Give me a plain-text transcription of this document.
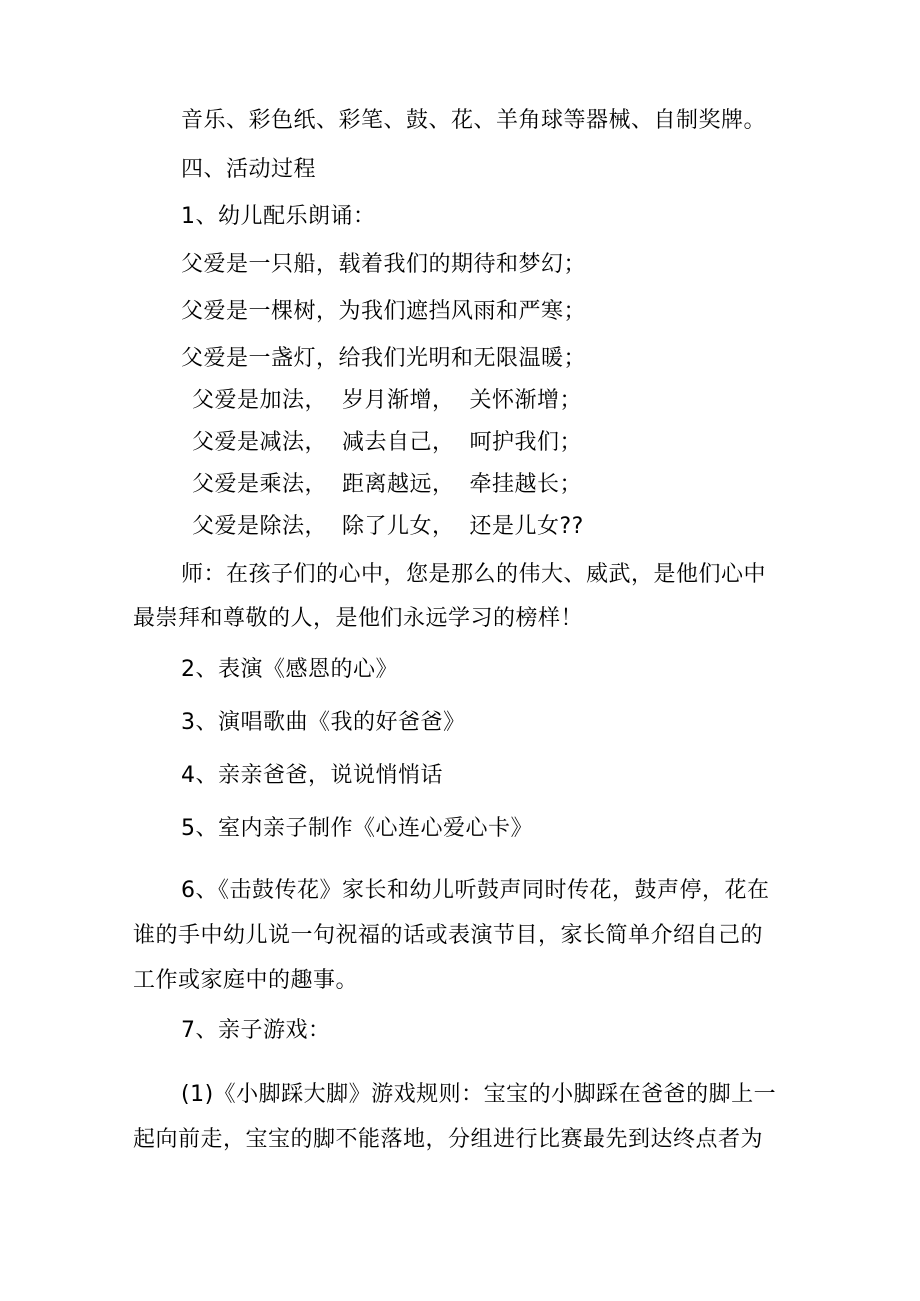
音乐、彩色纸、彩笔、鼓、花、羊角球等器械、自制奖牌。
四、活动过程
1、幼儿配乐朗诵：
父爱是一只船，载着我们的期待和梦幻；
父爱是一棵树，为我们遮挡风雨和严寒；
父爱是一盏灯，给我们光明和无限温暖；
父爱是加法，  岁月渐增，  关怀渐增；
父爱是减法，  减去自己，  呵护我们；
父爱是乘法，  距离越远，  牵挂越长；
父爱是除法，  除了儿女，  还是儿女??
师：在孩子们的心中，您是那么的伟大、威武，是他们心中
最崇拜和尊敬的人，是他们永远学习的榜样！
2、表演《感恩的心》
3、演唱歌曲《我的好爸爸》
4、亲亲爸爸，说说悄悄话
5、室内亲子制作《心连心爱心卡》
6、《击鼓传花》家长和幼儿听鼓声同时传花，鼓声停，花在
谁的手中幼儿说一句祝福的话或表演节目，家长简单介绍自己的
工作或家庭中的趣事。
7、亲子游戏：
(1)《小脚踩大脚》游戏规则：宝宝的小脚踩在爸爸的脚上一
起向前走，宝宝的脚不能落地，分组进行比赛最先到达终点者为
